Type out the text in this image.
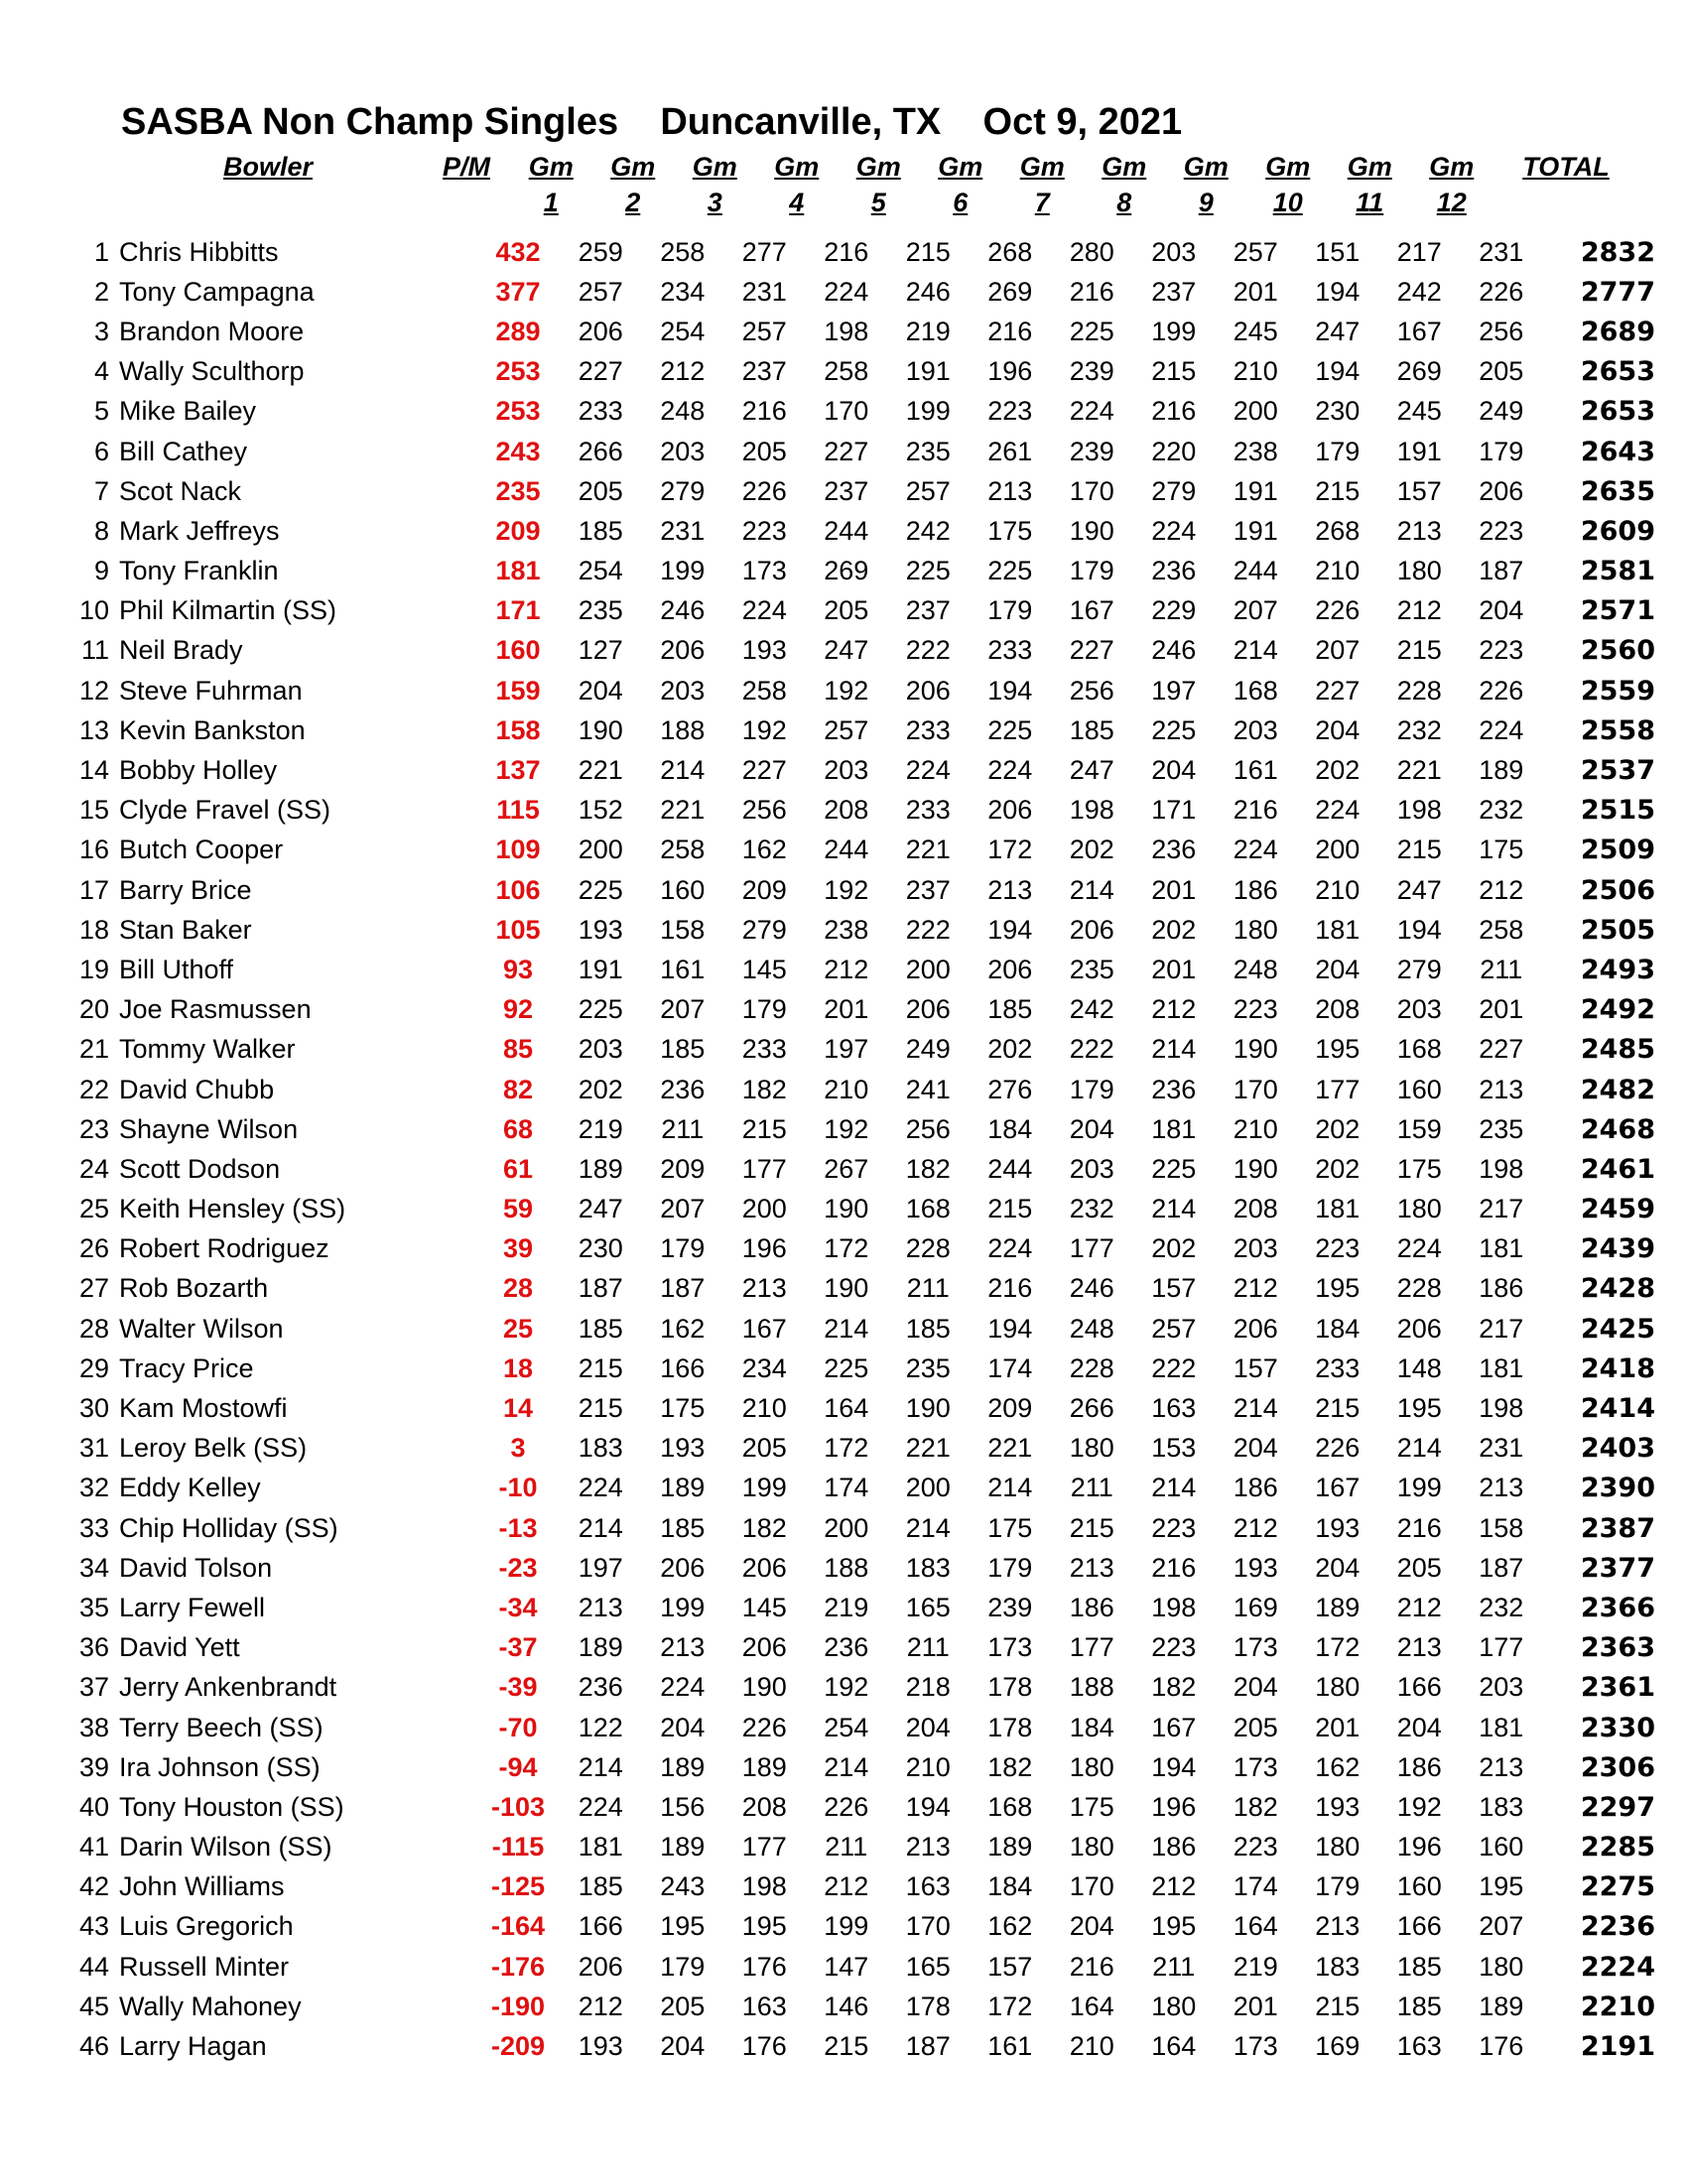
SASBA Non Champ Singles    Duncanville, TX    Oct 9, 2021
Bowler	P/M	Gm
1
Gm
2
Gm
3
Gm
4
Gm
5
Gm
6
Gm
7
Gm
8
Gm
9
Gm
10
Gm
11
Gm
12
TOTAL
1	Chris Hibbitts	432	259	258	277	216	215	268	280	203	257	151	217	231	2832
2	Tony Campagna	377	257	234	231	224	246	269	216	237	201	194	242	226	2777
3	Brandon Moore	289	206	254	257	198	219	216	225	199	245	247	167	256	2689
4	Wally Sculthorp	253	227	212	237	258	191	196	239	215	210	194	269	205	2653
5	Mike Bailey	253	233	248	216	170	199	223	224	216	200	230	245	249	2653
6	Bill Cathey	243	266	203	205	227	235	261	239	220	238	179	191	179	2643
7	Scot Nack	235	205	279	226	237	257	213	170	279	191	215	157	206	2635
8	Mark Jeffreys	209	185	231	223	244	242	175	190	224	191	268	213	223	2609
9	Tony Franklin	181	254	199	173	269	225	225	179	236	244	210	180	187	2581
10	Phil Kilmartin (SS)	171	235	246	224	205	237	179	167	229	207	226	212	204	2571
11	Neil Brady	160	127	206	193	247	222	233	227	246	214	207	215	223	2560
12	Steve Fuhrman	159	204	203	258	192	206	194	256	197	168	227	228	226	2559
13	Kevin Bankston	158	190	188	192	257	233	225	185	225	203	204	232	224	2558
14	Bobby Holley	137	221	214	227	203	224	224	247	204	161	202	221	189	2537
15	Clyde Fravel (SS)	115	152	221	256	208	233	206	198	171	216	224	198	232	2515
16	Butch Cooper	109	200	258	162	244	221	172	202	236	224	200	215	175	2509
17	Barry Brice	106	225	160	209	192	237	213	214	201	186	210	247	212	2506
18	Stan Baker	105	193	158	279	238	222	194	206	202	180	181	194	258	2505
19	Bill Uthoff	93	191	161	145	212	200	206	235	201	248	204	279	211	2493
20	Joe Rasmussen	92	225	207	179	201	206	185	242	212	223	208	203	201	2492
21	Tommy Walker	85	203	185	233	197	249	202	222	214	190	195	168	227	2485
22	David Chubb	82	202	236	182	210	241	276	179	236	170	177	160	213	2482
23	Shayne Wilson	68	219	211	215	192	256	184	204	181	210	202	159	235	2468
24	Scott Dodson	61	189	209	177	267	182	244	203	225	190	202	175	198	2461
25	Keith Hensley (SS)	59	247	207	200	190	168	215	232	214	208	181	180	217	2459
26	Robert Rodriguez	39	230	179	196	172	228	224	177	202	203	223	224	181	2439
27	Rob Bozarth	28	187	187	213	190	211	216	246	157	212	195	228	186	2428
28	Walter Wilson	25	185	162	167	214	185	194	248	257	206	184	206	217	2425
29	Tracy Price	18	215	166	234	225	235	174	228	222	157	233	148	181	2418
30	Kam Mostowfi	14	215	175	210	164	190	209	266	163	214	215	195	198	2414
31	Leroy Belk (SS)	3	183	193	205	172	221	221	180	153	204	226	214	231	2403
32	Eddy Kelley	-10	224	189	199	174	200	214	211	214	186	167	199	213	2390
33	Chip Holliday (SS)	-13	214	185	182	200	214	175	215	223	212	193	216	158	2387
34	David Tolson	-23	197	206	206	188	183	179	213	216	193	204	205	187	2377
35	Larry Fewell	-34	213	199	145	219	165	239	186	198	169	189	212	232	2366
36	David Yett	-37	189	213	206	236	211	173	177	223	173	172	213	177	2363
37	Jerry Ankenbrandt	-39	236	224	190	192	218	178	188	182	204	180	166	203	2361
38	Terry Beech (SS)	-70	122	204	226	254	204	178	184	167	205	201	204	181	2330
39	Ira Johnson (SS)	-94	214	189	189	214	210	182	180	194	173	162	186	213	2306
40	Tony Houston (SS)	-103	224	156	208	226	194	168	175	196	182	193	192	183	2297
41	Darin Wilson (SS)	-115	181	189	177	211	213	189	180	186	223	180	196	160	2285
42	John Williams	-125	185	243	198	212	163	184	170	212	174	179	160	195	2275
43	Luis Gregorich	-164	166	195	195	199	170	162	204	195	164	213	166	207	2236
44	Russell Minter	-176	206	179	176	147	165	157	216	211	219	183	185	180	2224
45	Wally Mahoney	-190	212	205	163	146	178	172	164	180	201	215	185	189	2210
46	Larry Hagan	-209	193	204	176	215	187	161	210	164	173	169	163	176	2191
